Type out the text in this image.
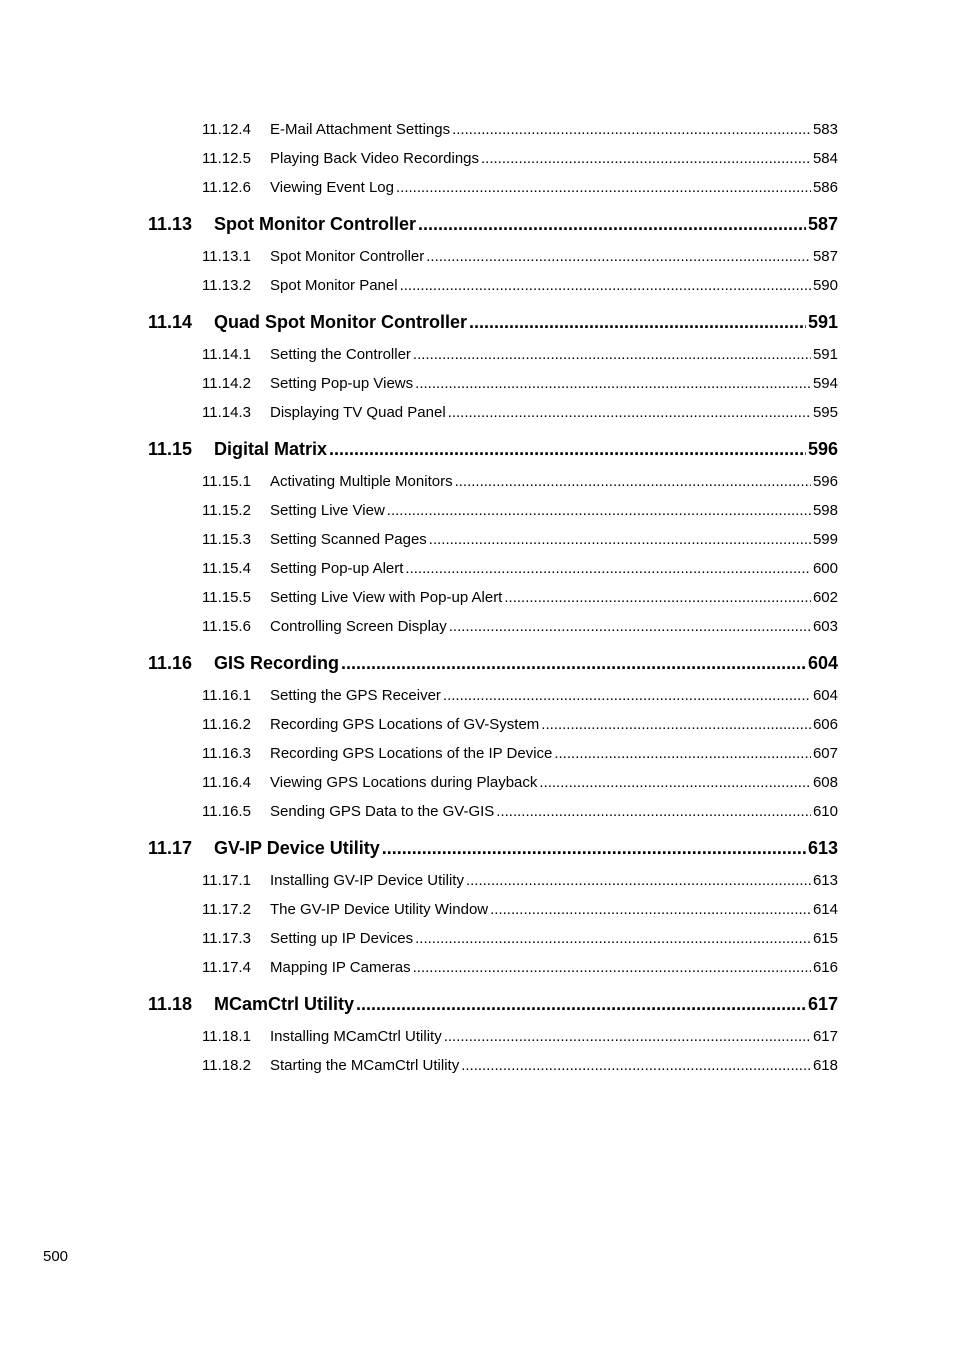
11.12.4	E-Mail Attachment Settings .....	583
11.12.5	Playing Back Video Recordings .....	584
11.12.6	Viewing Event Log .....	586
11.13	Spot Monitor Controller .....	587
11.13.1	Spot Monitor Controller .....	587
11.13.2	Spot Monitor Panel .....	590
11.14	Quad Spot Monitor Controller .....	591
11.14.1	Setting the Controller .....	591
11.14.2	Setting Pop-up Views .....	594
11.14.3	Displaying TV Quad Panel .....	595
11.15	Digital Matrix .....	596
11.15.1	Activating Multiple Monitors .....	596
11.15.2	Setting Live View .....	598
11.15.3	Setting Scanned Pages .....	599
11.15.4	Setting Pop-up Alert .....	600
11.15.5	Setting Live View with Pop-up Alert .....	602
11.15.6	Controlling Screen Display .....	603
11.16	GIS Recording .....	604
11.16.1	Setting the GPS Receiver .....	604
11.16.2	Recording GPS Locations of GV-System .....	606
11.16.3	Recording GPS Locations of the IP Device .....	607
11.16.4	Viewing GPS Locations during Playback .....	608
11.16.5	Sending GPS Data to the GV-GIS .....	610
11.17	GV-IP Device Utility .....	613
11.17.1	Installing GV-IP Device Utility .....	613
11.17.2	The GV-IP Device Utility Window .....	614
11.17.3	Setting up IP Devices .....	615
11.17.4	Mapping IP Cameras .....	616
11.18	MCamCtrl Utility .....	617
11.18.1	Installing MCamCtrl Utility .....	617
11.18.2	Starting the MCamCtrl Utility .....	618
500
